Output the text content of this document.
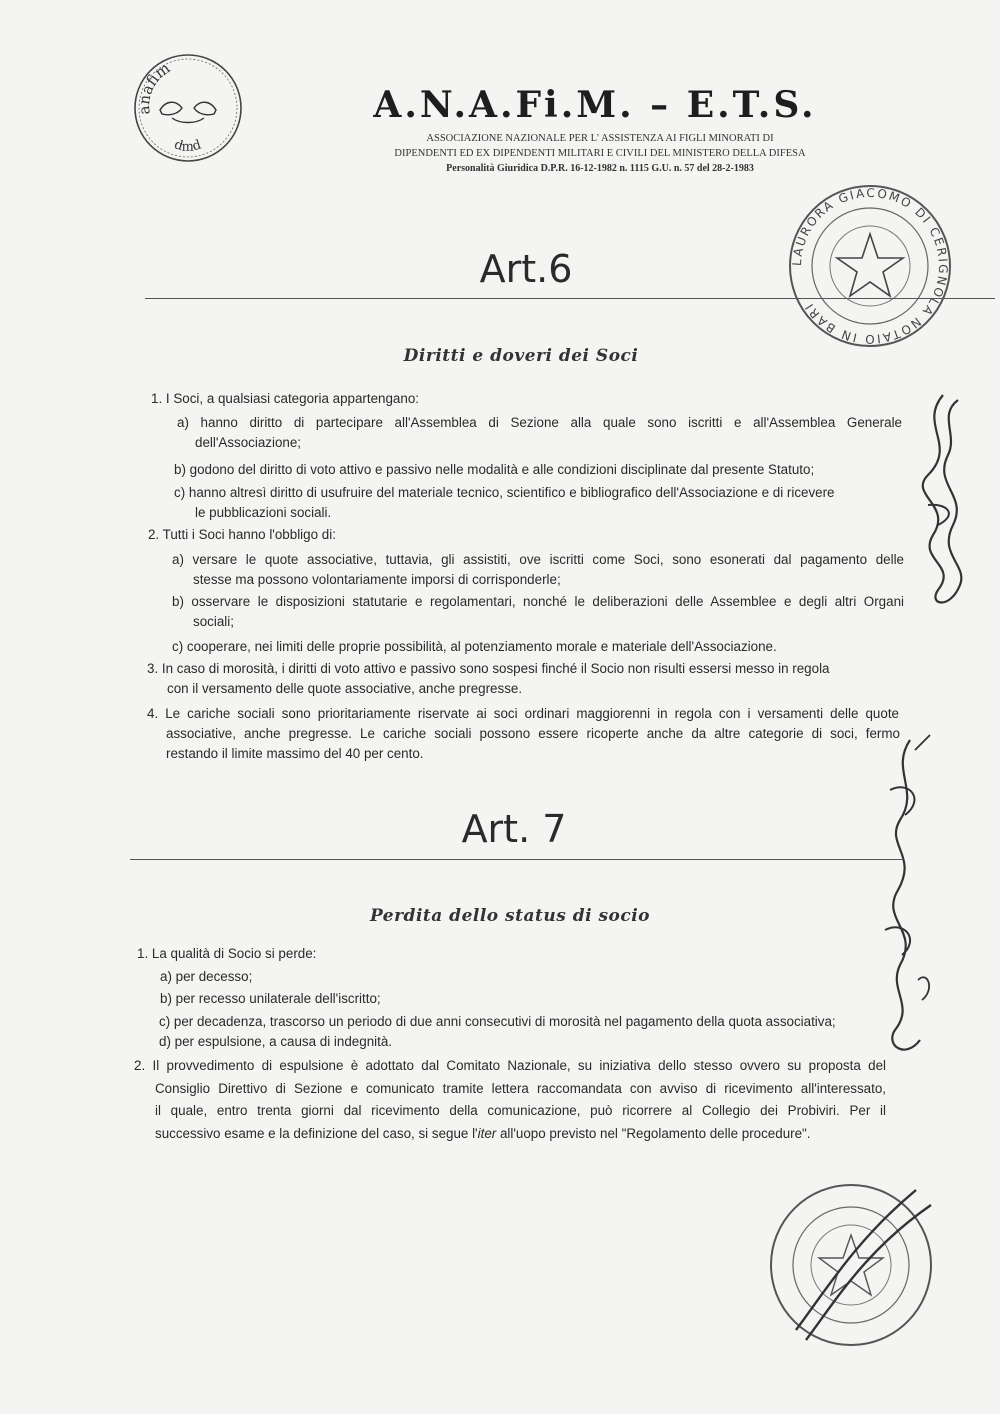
anafim
dmd
A.N.A.Fi.M. – E.T.S.
ASSOCIAZIONE NAZIONALE PER L' ASSISTENZA AI FIGLI MINORATI DI
DIPENDENTI ED EX DIPENDENTI MILITARI E CIVILI DEL MINISTERO DELLA DIFESA
Personalità Giuridica D.P.R. 16-12-1982 n. 1115 G.U. n. 57 del 28-2-1983
LAURORA GIACOMO DI CERIGNOLA NOTAIO IN BARI
Art.6
Diritti e doveri dei Soci
1. I Soci, a qualsiasi categoria appartengano:
a) hanno diritto di partecipare all'Assemblea di Sezione alla quale sono iscritti e all'Assemblea Generale
dell'Associazione;
b) godono del diritto di voto attivo e passivo nelle modalità e alle condizioni disciplinate dal presente Statuto;
c) hanno altresì diritto di usufruire del materiale tecnico, scientifico e bibliografico dell'Associazione e di ricevere
le pubblicazioni sociali.
2. Tutti i Soci hanno l'obbligo di:
a) versare le quote associative, tuttavia, gli assistiti, ove iscritti come Soci, sono esonerati dal pagamento delle
stesse ma possono volontariamente imporsi di corrisponderle;
b) osservare le disposizioni statutarie e regolamentari, nonché le deliberazioni delle Assemblee e degli altri Organi
sociali;
c) cooperare, nei limiti delle proprie possibilità, al potenziamento morale e materiale dell'Associazione.
3. In caso di morosità, i diritti di voto attivo e passivo sono sospesi finché il Socio non risulti essersi messo in regola
con il versamento delle quote associative, anche pregresse.
4. Le cariche sociali sono prioritariamente riservate ai soci ordinari maggiorenni in regola con i versamenti delle quote
associative, anche pregresse. Le cariche sociali possono essere ricoperte anche da altre categorie di soci, fermo
restando il limite massimo del 40 per cento.
Art. 7
Perdita dello status di socio
1. La qualità di Socio si perde:
a) per decesso;
b) per recesso unilaterale dell'iscritto;
c) per decadenza, trascorso un periodo di due anni consecutivi di morosità nel pagamento della quota associativa;
d) per espulsione, a causa di indegnità.
2. Il provvedimento di espulsione è adottato dal Comitato Nazionale, su iniziativa dello stesso ovvero su proposta del
Consiglio Direttivo di Sezione e comunicato tramite lettera raccomandata con avviso di ricevimento all'interessato,
il quale, entro trenta giorni dal ricevimento della comunicazione, può ricorrere al Collegio dei Probiviri. Per il
successivo esame e la definizione del caso, si segue l'iter all'uopo previsto nel "Regolamento delle procedure".
